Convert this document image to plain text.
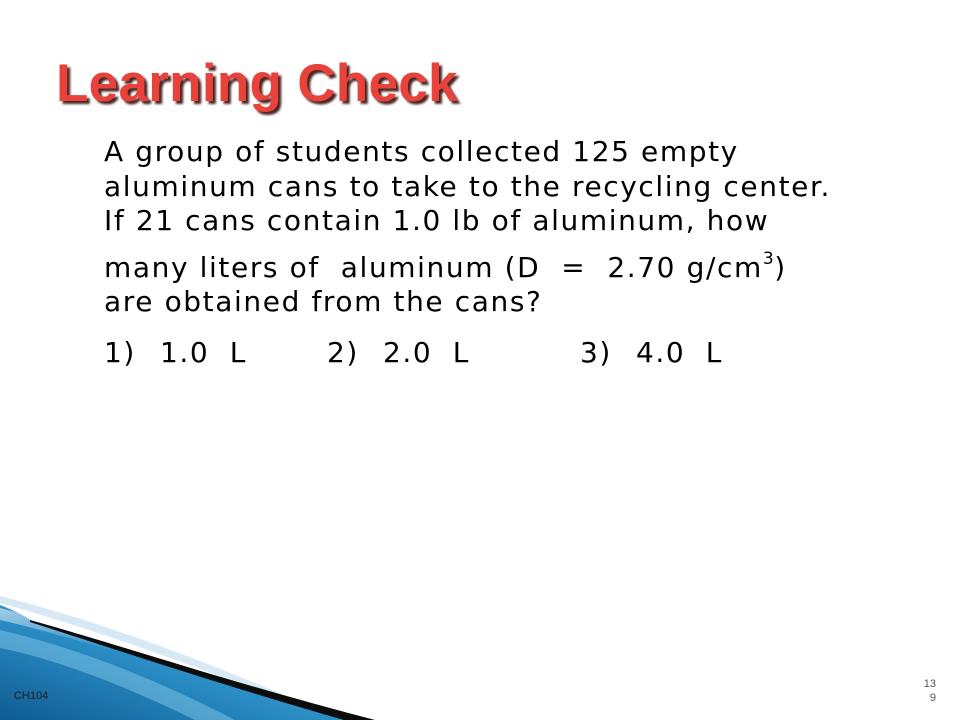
Learning Check
A group of students collected 125 empty
aluminum cans to take to the recycling center.
If 21 cans contain 1.0 lb of aluminum, how
many liters of  aluminum (D  =  2.70 $g/cm^3$)
are obtained from the cans?
1) 1.0 L	2) 2.0 L	3) 4.0 L
CH104
139
